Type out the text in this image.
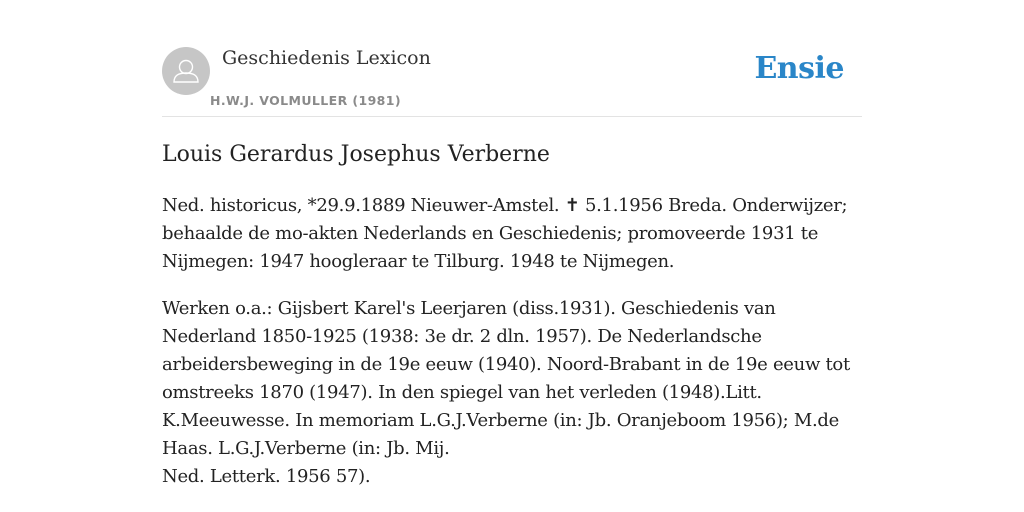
Geschiedenis Lexicon
H.W.J. VOLMULLER (1981)
Ensie
Louis Gerardus Josephus Verberne

Ned. historicus, *29.9.1889 Nieuwer-Amstel. ✝ 5.1.1956 Breda. Onderwijzer; behaalde de mo-akten Nederlands en Geschiedenis; promoveerde 1931 te Nijmegen: 1947 hoogleraar te Tilburg. 1948 te Nijmegen.

Werken o.a.: Gijsbert Karel's Leerjaren (diss.1931). Geschiedenis van Nederland 1850-1925 (1938: 3e dr. 2 dln. 1957). De Nederlandsche arbeidersbeweging in de 19e eeuw (1940). Noord-Brabant in de 19e eeuw tot omstreeks 1870 (1947). In den spiegel van het verleden (1948).Litt. K.Meeuwesse. In memoriam L.G.J.Verberne (in: Jb. Oranjeboom 1956); M.de Haas. L.G.J.Verberne (in: Jb. Mij.

Ned. Letterk. 1956 57).
